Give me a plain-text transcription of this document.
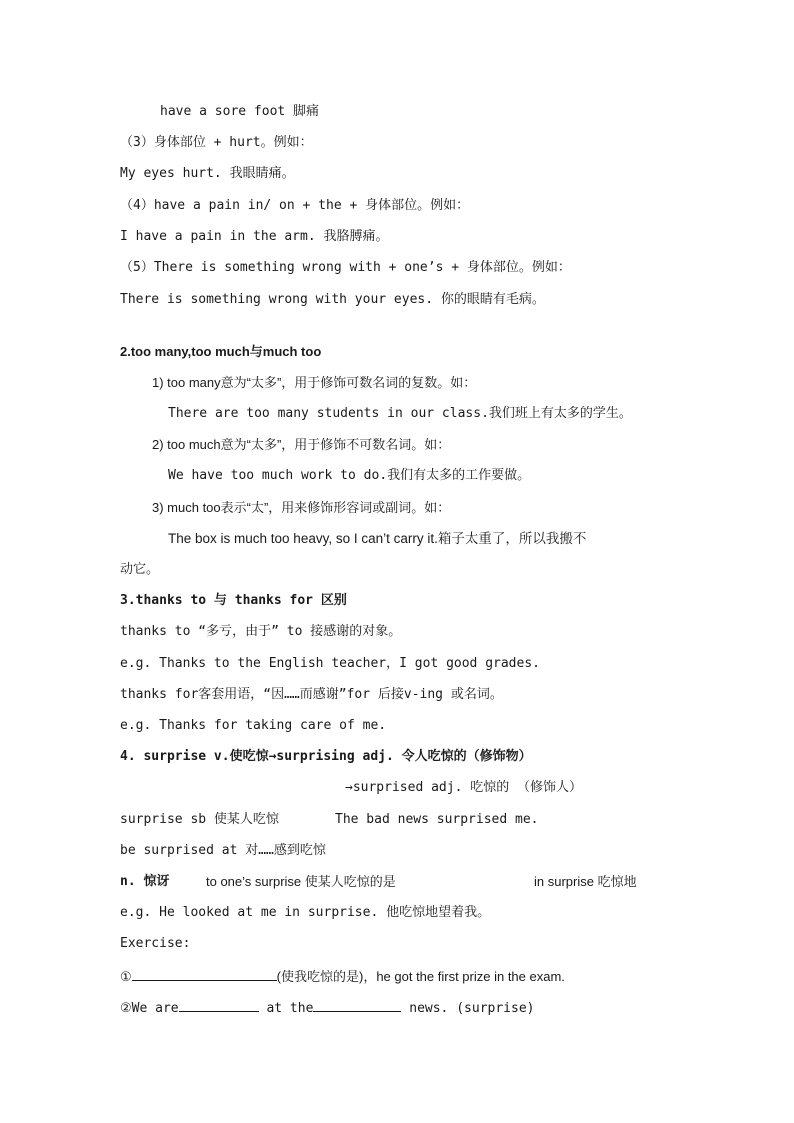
have a sore foot 脚痛
（3）身体部位 + hurt。例如：
My eyes hurt. 我眼睛痛。
（4）have a pain in/ on + the + 身体部位。例如：
I have a pain in the arm. 我胳膊痛。
（5）There is something wrong with + one’s + 身体部位。例如：
There is something wrong with your eyes. 你的眼睛有毛病。
2.too many,too much与much too
1) too many意为“太多”，用于修饰可数名词的复数。如：
There are too many students in our class.我们班上有太多的学生。
2) too much意为“太多”，用于修饰不可数名词。如：
We have too much work to do.我们有太多的工作要做。
3) much too表示“太”，用来修饰形容词或副词。如：
The box is much too heavy, so I can’t carry it.箱子太重了，所以我搬不
动它。
3.thanks to 与 thanks for 区别
thanks to “多亏，由于” to 接感谢的对象。
e.g. Thanks to the English teacher，I got good grades.
thanks for客套用语，“因……而感谢”for 后接v-ing 或名词。
e.g. Thanks for taking care of me.
4. surprise v.使吃惊→surprising adj. 令人吃惊的（修饰物）
→surprised adj. 吃惊的 （修饰人）
surprise sb 使某人吃惊	The bad news surprised me.
be surprised at 对……感到吃惊
n. 惊讶	to one’s surprise 使某人吃惊的是	in surprise 吃惊地
e.g. He looked at me in surprise. 他吃惊地望着我。
Exercise:
①	(使我吃惊的是)，he got the first prize in the exam.
②We are	at the	news. (surprise)
